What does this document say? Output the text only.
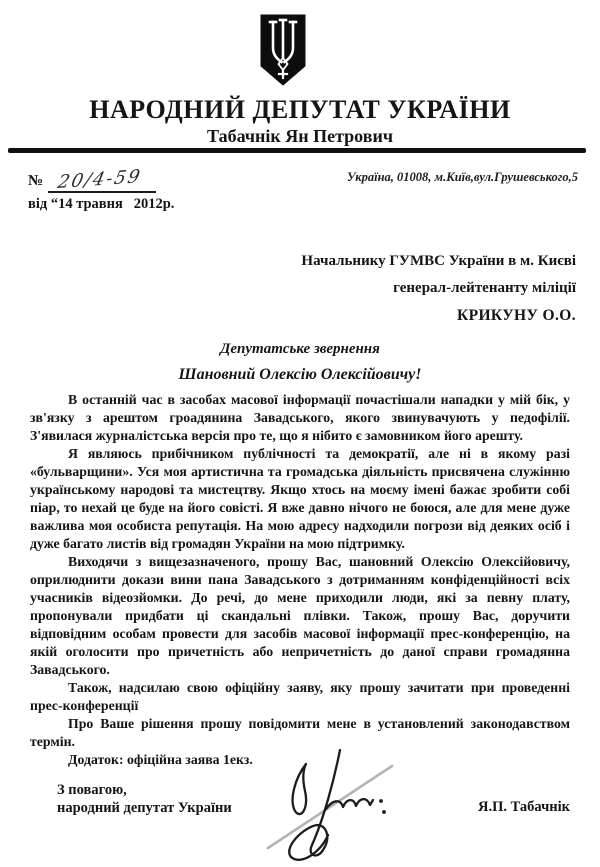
НАРОДНИЙ ДЕПУТАТ УКРАЇНИ
Табачнік Ян Петрович
№ 20/4-59
від “14 травня   2012р.
Україна, 01008, м.Київ,вул.Грушевського,5
Начальнику ГУМВС України в м. Києві
генерал-лейтенанту міліції
КРИКУНУ О.О.
Депутатське звернення
Шановний Олексію Олексійовичу!

В останній час в засобах масової інформації почастішали нападки у мій бік, у зв'язку з арештом гроадянина Завадського, якого звинувачують у педофілії. З'явилася журналістська версія про те, що я нібито є замовником його арешту.

Я являюсь прибічником публічності та демократії, але ні в якому разі «бульварщини». Уся моя артистична та громадська діяльність присвячена служінню українському народові та мистецтву. Якщо хтось на моєму імені бажає зробити собі піар, то нехай це буде на його совісті. Я вже давно нічого не боюся, але для мене дуже важлива моя особиста репутація. На мою адресу надходили погрози від деяких осіб і дуже багато листів від громадян України на мою підтримку.

Виходячи з вищезазначеного, прошу Вас, шановний Олексію Олексійовичу, оприлюднити докази вини пана Завадського з дотриманням конфіденційності всіх учасників відеозйомки. До речі, до мене приходили люди, які за певну плату, пропонували придбати ці скандальні плівки. Також, прошу Вас, доручити відповідним особам провести для засобів масової інформації прес-конференцію, на якій оголосити про причетність або непричетність до даної справи громадянна Завадського.

Також, надсилаю свою офіційну заяву, яку прошу зачитати при проведенні прес-конференції

Про Ваше рішення прошу повідомити мене в установлений законодавством термін.

Додаток: офіційна заява 1екз.

З повагою,
народний депутат України	Я.П. Табачнік
